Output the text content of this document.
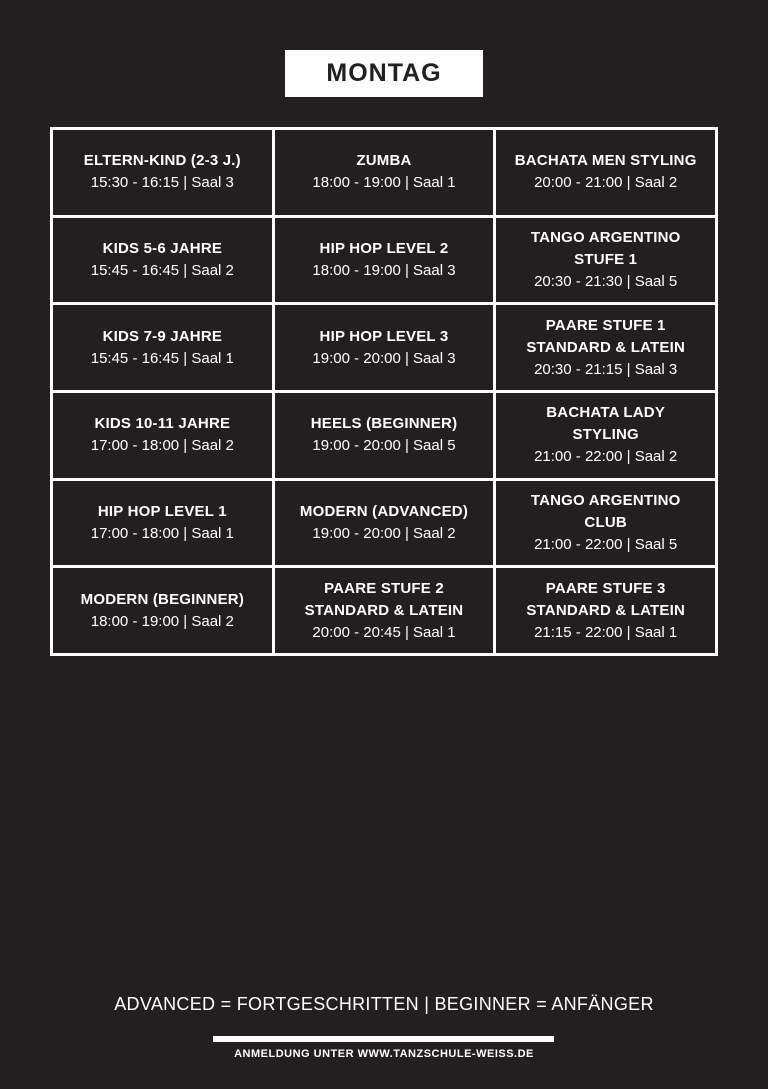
MONTAG
ELTERN-KIND (2-3 J.)
15:30 - 16:15 | Saal 3
ZUMBA
18:00 - 19:00 | Saal 1
BACHATA MEN STYLING
20:00 - 21:00 | Saal 2
KIDS 5-6 JAHRE
15:45 - 16:45 | Saal 2
HIP HOP LEVEL 2
18:00 - 19:00 | Saal 3
TANGO ARGENTINO
STUFE 1
20:30 - 21:30 | Saal 5
KIDS 7-9 JAHRE
15:45 - 16:45 | Saal 1
HIP HOP LEVEL 3
19:00 - 20:00 | Saal 3
PAARE STUFE 1
STANDARD & LATEIN
20:30 - 21:15 | Saal 3
KIDS 10-11 JAHRE
17:00 - 18:00 | Saal 2
HEELS (BEGINNER)
19:00 - 20:00 | Saal 5
BACHATA LADY
STYLING
21:00 - 22:00 | Saal 2
HIP HOP LEVEL 1
17:00 - 18:00 | Saal 1
MODERN (ADVANCED)
19:00 - 20:00 | Saal 2
TANGO ARGENTINO
CLUB
21:00 - 22:00 | Saal 5
MODERN (BEGINNER)
18:00 - 19:00 | Saal 2
PAARE STUFE 2
STANDARD & LATEIN
20:00 - 20:45 | Saal 1
PAARE STUFE 3
STANDARD & LATEIN
21:15 - 22:00 | Saal 1
ADVANCED = FORTGESCHRITTEN | BEGINNER = ANFÄNGER
ANMELDUNG UNTER WWW.TANZSCHULE-WEISS.DE
